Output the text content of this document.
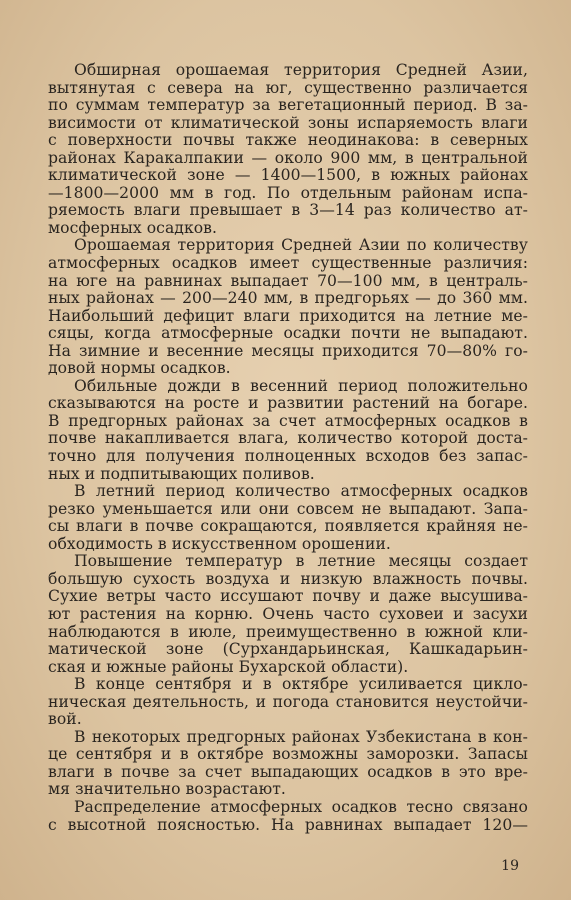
Обширная орошаемая территория Средней Азии,
вытянутая с севера на юг, существенно различается
по суммам температур за вегетационный период. В за-
висимости от климатической зоны испаряемость влаги
с поверхности почвы также неодинакова: в северных
районах Каракалпакии — около 900 мм, в центральной
климатической зоне — 1400—1500, в южных районах
—1800—2000 мм в год. По отдельным районам испа-
ряемость влаги превышает в 3—14 раз количество ат-
мосферных осадков.
Орошаемая территория Средней Азии по количеству
атмосферных осадков имеет существенные различия:
на юге на равнинах выпадает 70—100 мм, в централь-
ных районах — 200—240 мм, в предгорьях — до 360 мм.
Наибольший дефицит влаги приходится на летние ме-
сяцы, когда атмосферные осадки почти не выпадают.
На зимние и весенние месяцы приходится 70—80% го-
довой нормы осадков.
Обильные дожди в весенний период положительно
сказываются на росте и развитии растений на богаре.
В предгорных районах за счет атмосферных осадков в
почве накапливается влага, количество которой доста-
точно для получения полноценных всходов без запас-
ных и подпитывающих поливов.
В летний период количество атмосферных осадков
резко уменьшается или они совсем не выпадают. Запа-
сы влаги в почве сокращаются, появляется крайняя не-
обходимость в искусственном орошении.
Повышение температур в летние месяцы создает
большую сухость воздуха и низкую влажность почвы.
Сухие ветры часто иссушают почву и даже высушива-
ют растения на корню. Очень часто суховеи и засухи
наблюдаются в июле, преимущественно в южной кли-
матической зоне (Сурхандарьинская, Кашкадарьин-
ская и южные районы Бухарской области).
В конце сентября и в октябре усиливается цикло-
ническая деятельность, и погода становится неустойчи-
вой.
В некоторых предгорных районах Узбекистана в кон-
це сентября и в октябре возможны заморозки. Запасы
влаги в почве за счет выпадающих осадков в это вре-
мя значительно возрастают.
Распределение атмосферных осадков тесно связано
с высотной поясностью. На равнинах выпадает 120—
19
